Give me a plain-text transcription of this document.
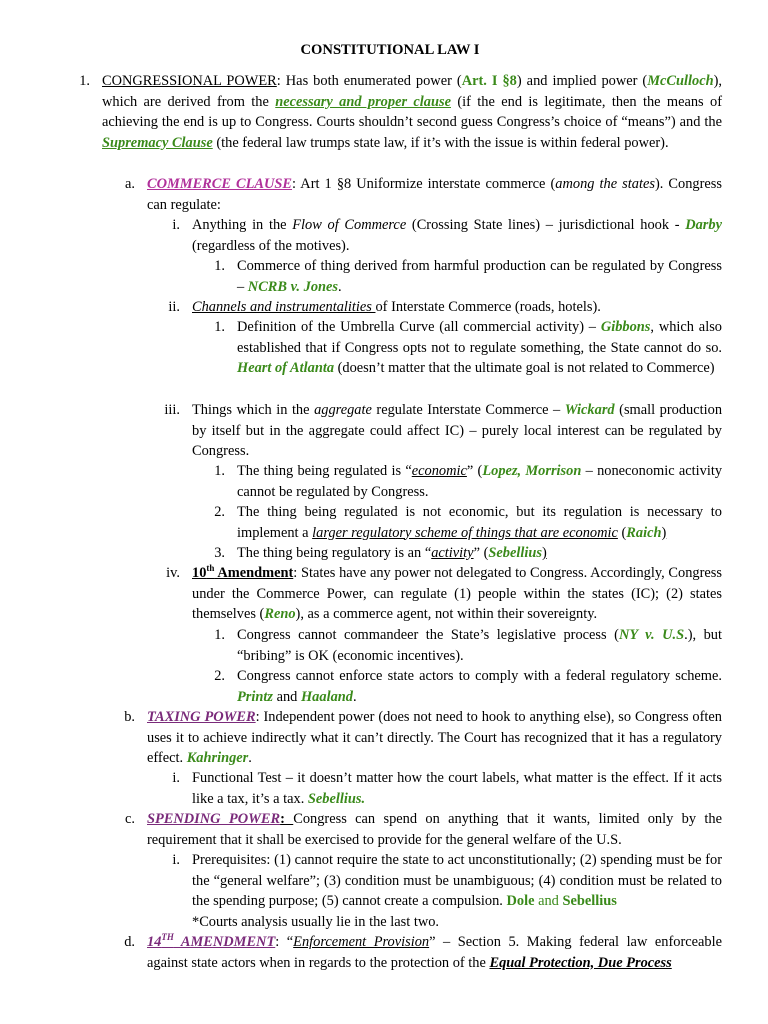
CONSTITUTIONAL LAW I
1. CONGRESSIONAL POWER: Has both enumerated power (Art. I §8) and implied power (McCulloch), which are derived from the necessary and proper clause (if the end is legitimate, then the means of achieving the end is up to Congress. Courts shouldn’t second guess Congress’s choice of “means”) and the Supremacy Clause (the federal law trumps state law, if it’s with the issue is within federal power).
a. COMMERCE CLAUSE: Art 1 §8 Uniformize interstate commerce (among the states). Congress can regulate:
i. Anything in the Flow of Commerce (Crossing State lines) – jurisdictional hook - Darby (regardless of the motives).
1. Commerce of thing derived from harmful production can be regulated by Congress – NCRB v. Jones.
ii. Channels and instrumentalities of Interstate Commerce (roads, hotels).
1. Definition of the Umbrella Curve (all commercial activity) – Gibbons, which also established that if Congress opts not to regulate something, the State cannot do so. Heart of Atlanta (doesn’t matter that the ultimate goal is not related to Commerce)
iii. Things which in the aggregate regulate Interstate Commerce – Wickard (small production by itself but in the aggregate could affect IC) – purely local interest can be regulated by Congress.
1. The thing being regulated is “economic” (Lopez, Morrison – noneconomic activity cannot be regulated by Congress.
2. The thing being regulated is not economic, but its regulation is necessary to implement a larger regulatory scheme of things that are economic (Raich)
3. The thing being regulatory is an “activity” (Sebellius)
iv. 10th Amendment: States have any power not delegated to Congress. Accordingly, Congress under the Commerce Power, can regulate (1) people within the states (IC); (2) states themselves (Reno), as a commerce agent, not within their sovereignty.
1. Congress cannot commandeer the State’s legislative process (NY v. U.S.), but “bribing” is OK (economic incentives).
2. Congress cannot enforce state actors to comply with a federal regulatory scheme. Printz and Haaland.
b. TAXING POWER: Independent power (does not need to hook to anything else), so Congress often uses it to achieve indirectly what it can’t directly. The Court has recognized that it has a regulatory effect. Kahringer.
i. Functional Test – it doesn’t matter how the court labels, what matter is the effect. If it acts like a tax, it’s a tax. Sebellius.
c. SPENDING POWER: Congress can spend on anything that it wants, limited only by the requirement that it shall be exercised to provide for the general welfare of the U.S.
i. Prerequisites: (1) cannot require the state to act unconstitutionally; (2) spending must be for the “general welfare”; (3) condition must be unambiguous; (4) condition must be related to the spending purpose; (5) cannot create a compulsion. Dole and Sebellius
*Courts analysis usually lie in the last two.
d. 14TH AMENDMENT: “Enforcement Provision” – Section 5. Making federal law enforceable against state actors when in regards to the protection of the Equal Protection, Due Process
